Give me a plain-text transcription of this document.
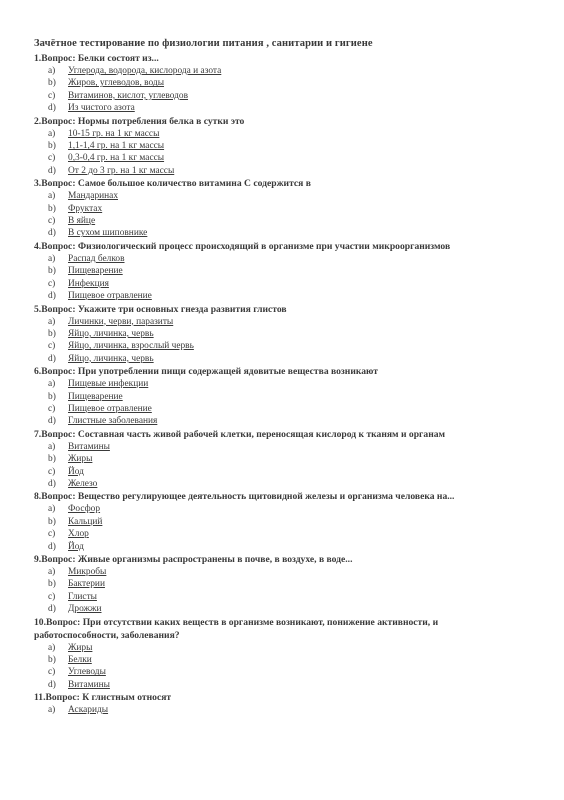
Зачётное тестирование по физиологии питания , санитарии и гигиене
1.Вопрос: Белки состоят из...
а) Углерода, водорода, кислорода и азота
b) Жиров, углеводов, воды
c) Витаминов, кислот, углеводов
d) Из чистого азота
2.Вопрос: Нормы потребления белка в сутки это
а) 10-15 гр. на 1 кг массы
b) 1,1-1,4 гр. на 1 кг массы
c) 0,3-0,4 гр. на 1 кг массы
d) От 2 до 3 гр. на 1 кг массы
3.Вопрос: Самое большое количество витамина С содержится в
а) Мандаринах
b) Фруктах
c) В яйце
d) В сухом шиповнике
4.Вопрос: Физиологический процесс происходящий в организме при участии микроорганизмов
а) Распад белков
b) Пищеварение
c) Инфекция
d) Пищевое отравление
5.Вопрос: Укажите три основных гнезда развития глистов
а) Личинки, черви, паразиты
b) Яйцо, личинка, червь
c) Яйцо, личинка, взрослый червь
d) Яйцо, личинка, червь
6.Вопрос: При употреблении пищи содержащей ядовитые вещества возникают
а) Пищевые инфекции
b) Пищеварение
c) Пищевое отравление
d) Глистные заболевания
7.Вопрос: Составная часть живой рабочей клетки, переносящая кислород к тканям и органам
а) Витамины
b) Жиры
c) Йод
d) Железо
8.Вопрос: Вещество регулирующее деятельность щитовидной железы и организма человека на...
а) Фосфор
b) Кальций
c) Хлор
d) Йод
9.Вопрос: Живые организмы распространены в почве, в воздухе, в воде...
а) Микробы
b) Бактерии
c) Глисты
d) Дрожжи
10.Вопрос: При отсутствии каких веществ в организме возникают, понижение активности, и работоспособности, заболевания?
а) Жиры
b) Белки
c) Углеводы
d) Витамины
11.Вопрос: К глистным относят
а) Аскариды
